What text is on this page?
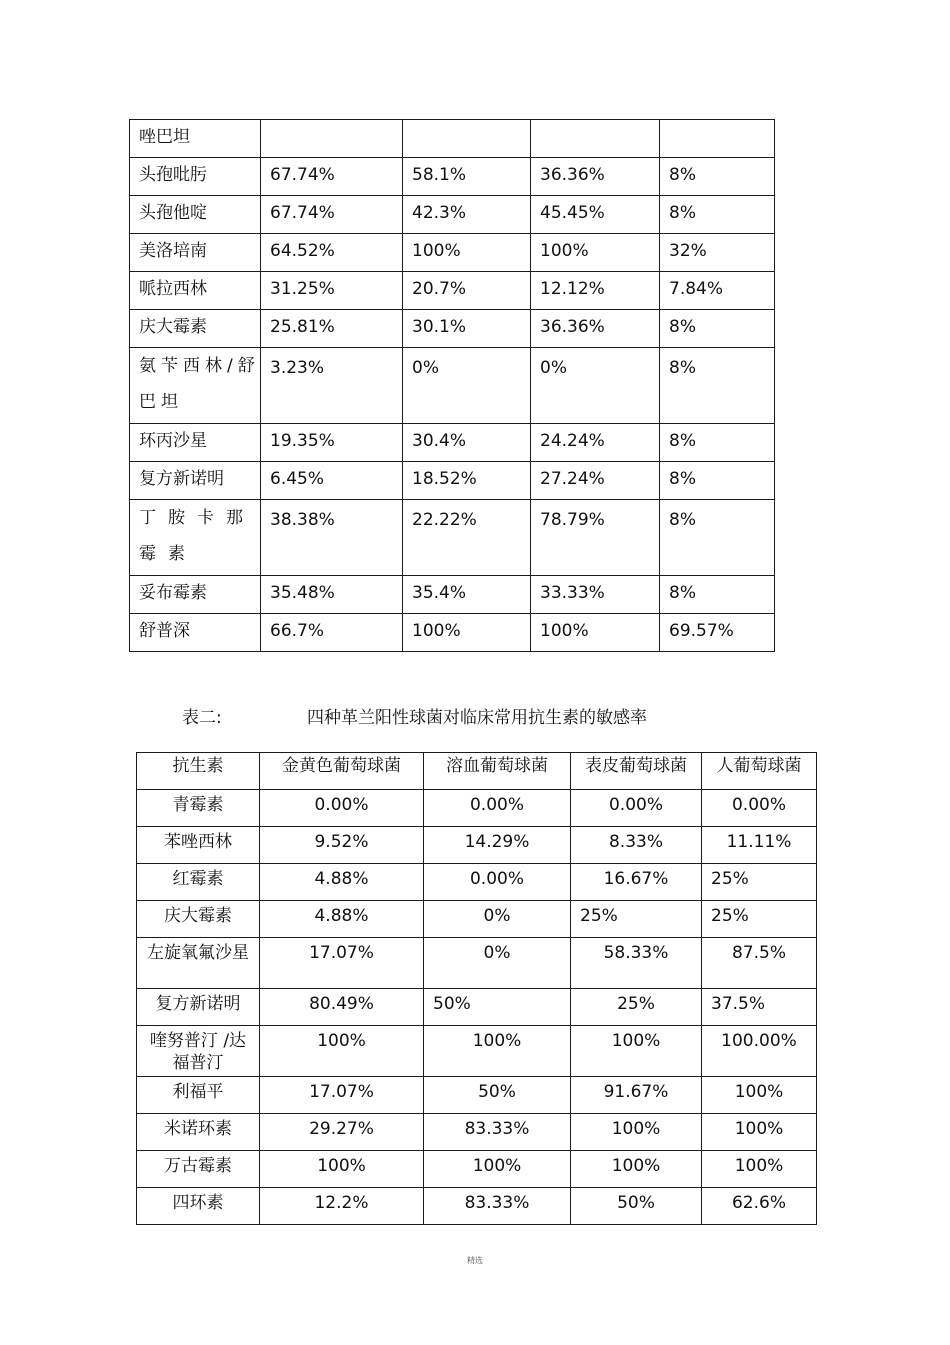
唑巴坦				
头孢吡肟	67.74%	58.1%	36.36%	8%
头孢他啶	67.74%	42.3%	45.45%	8%
美洛培南	64.52%	100%	100%	32%
哌拉西林	31.25%	20.7%	12.12%	7.84%
庆大霉素	25.81%	30.1%	36.36%	8%
氨苄西林/舒巴坦	3.23%	0%	0%	8%
环丙沙星	19.35%	30.4%	24.24%	8%
复方新诺明	6.45%	18.52%	27.24%	8%
丁胺卡那霉素	38.38%	22.22%	78.79%	8%
妥布霉素	35.48%	35.4%	33.33%	8%
舒普深	66.7%	100%	100%	69.57%
表二:	四种革兰阳性球菌对临床常用抗生素的敏感率
抗生素	金黄色葡萄球菌	溶血葡萄球菌	表皮葡萄球菌	人葡萄球菌
青霉素	0.00%	0.00%	0.00%	0.00%
苯唑西林	9.52%	14.29%	8.33%	11.11%
红霉素	4.88%	0.00%	16.67%	25%
庆大霉素	4.88%	0%	25%	25%
左旋氧氟沙星	17.07%	0%	58.33%	87.5%
复方新诺明	80.49%	50%	25%	37.5%
喹努普汀 /达福普汀	100%	100%	100%	100.00%
利福平	17.07%	50%	91.67%	100%
米诺环素	29.27%	83.33%	100%	100%
万古霉素	100%	100%	100%	100%
四环素	12.2%	83.33%	50%	62.6%
精选
